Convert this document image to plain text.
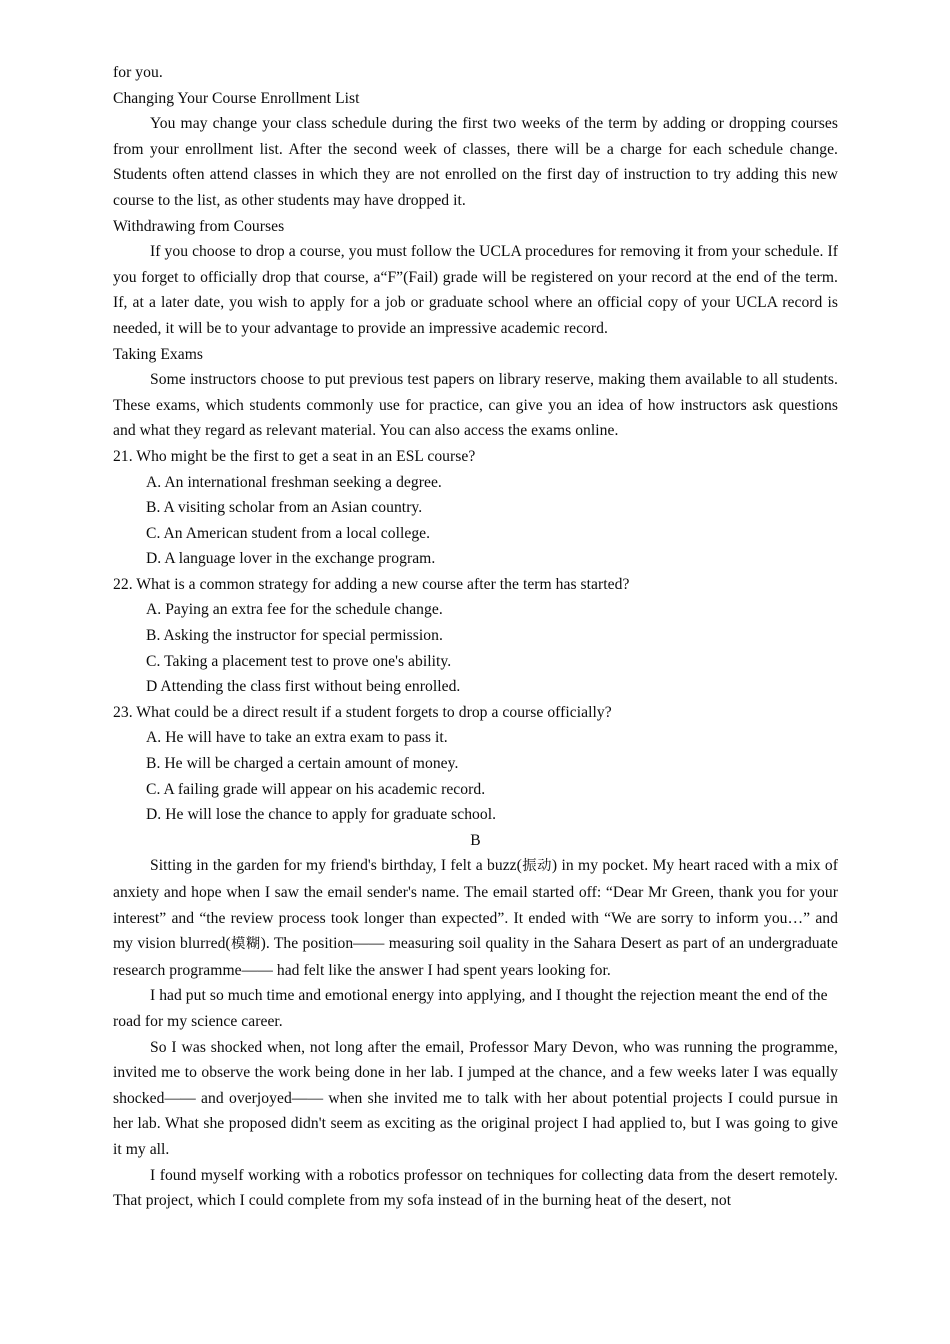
for you.

Changing Your Course Enrollment List

You may change your class schedule during the first two weeks of the term by adding or dropping courses from your enrollment list. After the second week of classes, there will be a charge for each schedule change. Students often attend classes in which they are not enrolled on the first day of instruction to try adding this new course to the list, as other students may have dropped it.

Withdrawing from Courses

If you choose to drop a course, you must follow the UCLA procedures for removing it from your schedule. If you forget to officially drop that course, a“F”(Fail) grade will be registered on your record at the end of the term. If, at a later date, you wish to apply for a job or graduate school where an official copy of your UCLA record is needed, it will be to your advantage to provide an impressive academic record.

Taking Exams

Some instructors choose to put previous test papers on library reserve, making them available to all students. These exams, which students commonly use for practice, can give you an idea of how instructors ask questions and what they regard as relevant material. You can also access the exams online.

21. Who might be the first to get a seat in an ESL course?

A. An international freshman seeking a degree.

B. A visiting scholar from an Asian country.

C. An American student from a local college.

D. A language lover in the exchange program.

22. What is a common strategy for adding a new course after the term has started?

A. Paying an extra fee for the schedule change.

B. Asking the instructor for special permission.

C. Taking a placement test to prove one's ability.

D Attending the class first without being enrolled.

23. What could be a direct result if a student forgets to drop a course officially?

A. He will have to take an extra exam to pass it.

B. He will be charged a certain amount of money.

C. A failing grade will appear on his academic record.

D. He will lose the chance to apply for graduate school.

B

Sitting in the garden for my friend's birthday, I felt a buzz(振动) in my pocket. My heart raced with a mix of anxiety and hope when I saw the email sender's name. The email started off: “Dear Mr Green, thank you for your interest” and “the review process took longer than expected”. It ended with “We are sorry to inform you…” and my vision blurred(模糊). The position—— measuring soil quality in the Sahara Desert as part of an undergraduate research programme—— had felt like the answer I had spent years looking for.

I had put so much time and emotional energy into applying, and I thought the rejection meant the end of the road for my science career.

So I was shocked when, not long after the email, Professor Mary Devon, who was running the programme, invited me to observe the work being done in her lab. I jumped at the chance, and a few weeks later I was equally shocked—— and overjoyed—— when she invited me to talk with her about potential projects I could pursue in her lab. What she proposed didn't seem as exciting as the original project I had applied to, but I was going to give it my all.

I found myself working with a robotics professor on techniques for collecting data from the desert remotely. That project, which I could complete from my sofa instead of in the burning heat of the desert, not
